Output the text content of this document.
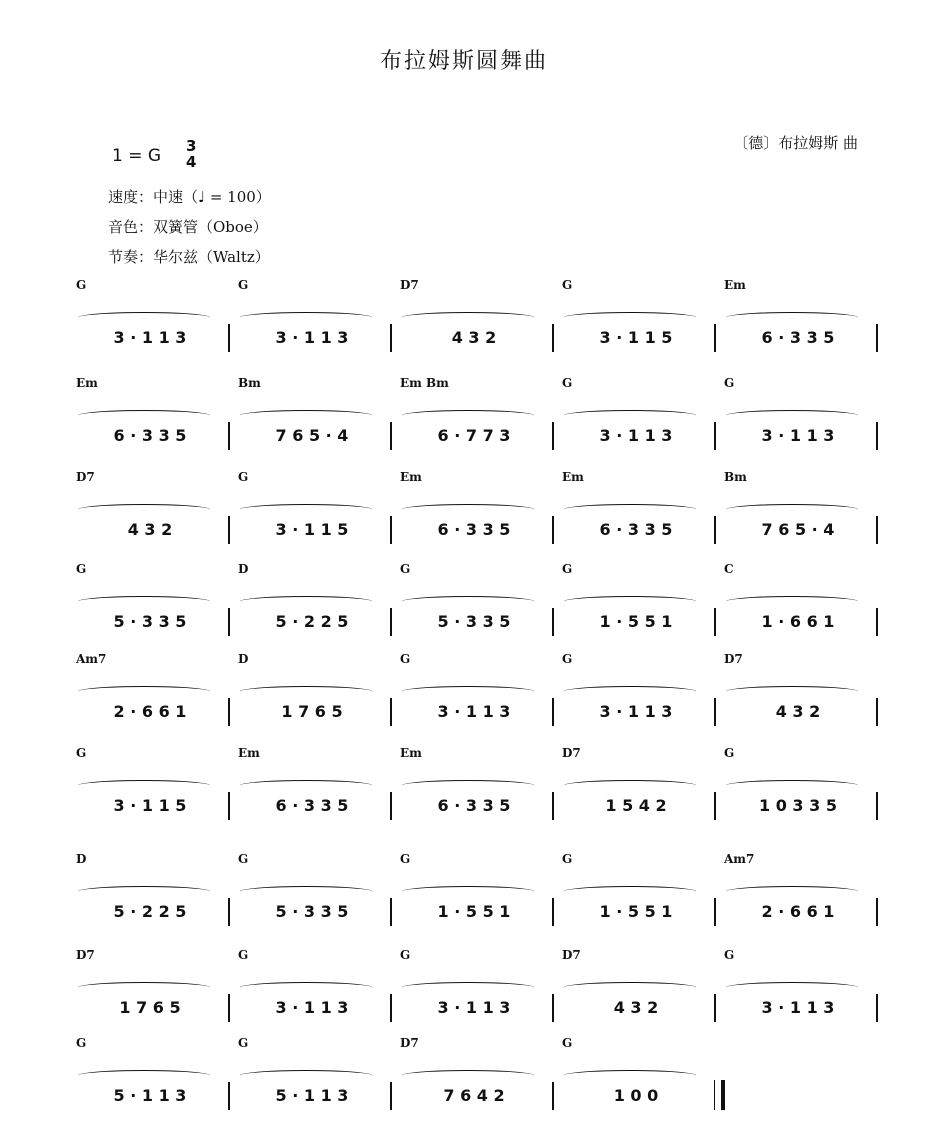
布拉姆斯圆舞曲
〔德〕布拉姆斯 曲
1 = G 3
4
速度：中速（♩ = 100）
音色：双簧管（Oboe）
节奏：华尔兹（Waltz）
G	G	D7	G	Em
3 · 1 1 3	3 · 1 1 3	4 3 2	3 · 1 1 5	6 · 3 3 5
Em	Bm	Em Bm	G	G
6 · 3 3 5	7 6 5 · 4	6 · 7 7 3	3 · 1 1 3	3 · 1 1 3
D7	G	Em	Em	Bm
4 3 2	3 · 1 1 5	6 · 3 3 5	6 · 3 3 5	7 6 5 · 4
G	D	G	G	C
5 · 3 3 5	5 · 2 2 5	5 · 3 3 5	1 · 5 5 1	1 · 6 6 1
Am7	D	G	G	D7
2 · 6 6 1	1 7 6 5	3 · 1 1 3	3 · 1 1 3	4 3 2
G	Em	Em	D7	G
3 · 1 1 5	6 · 3 3 5	6 · 3 3 5	1 5 4 2	1 0 3 3 5
D	G	G	G	Am7
5 · 2 2 5	5 · 3 3 5	1 · 5 5 1	1 · 5 5 1	2 · 6 6 1
D7	G	G	D7	G
1 7 6 5	3 · 1 1 3	3 · 1 1 3	4 3 2	3 · 1 1 3
G	G	D7	G
5 · 1 1 3	5 · 1 1 3	7 6 4 2	1 0 0
